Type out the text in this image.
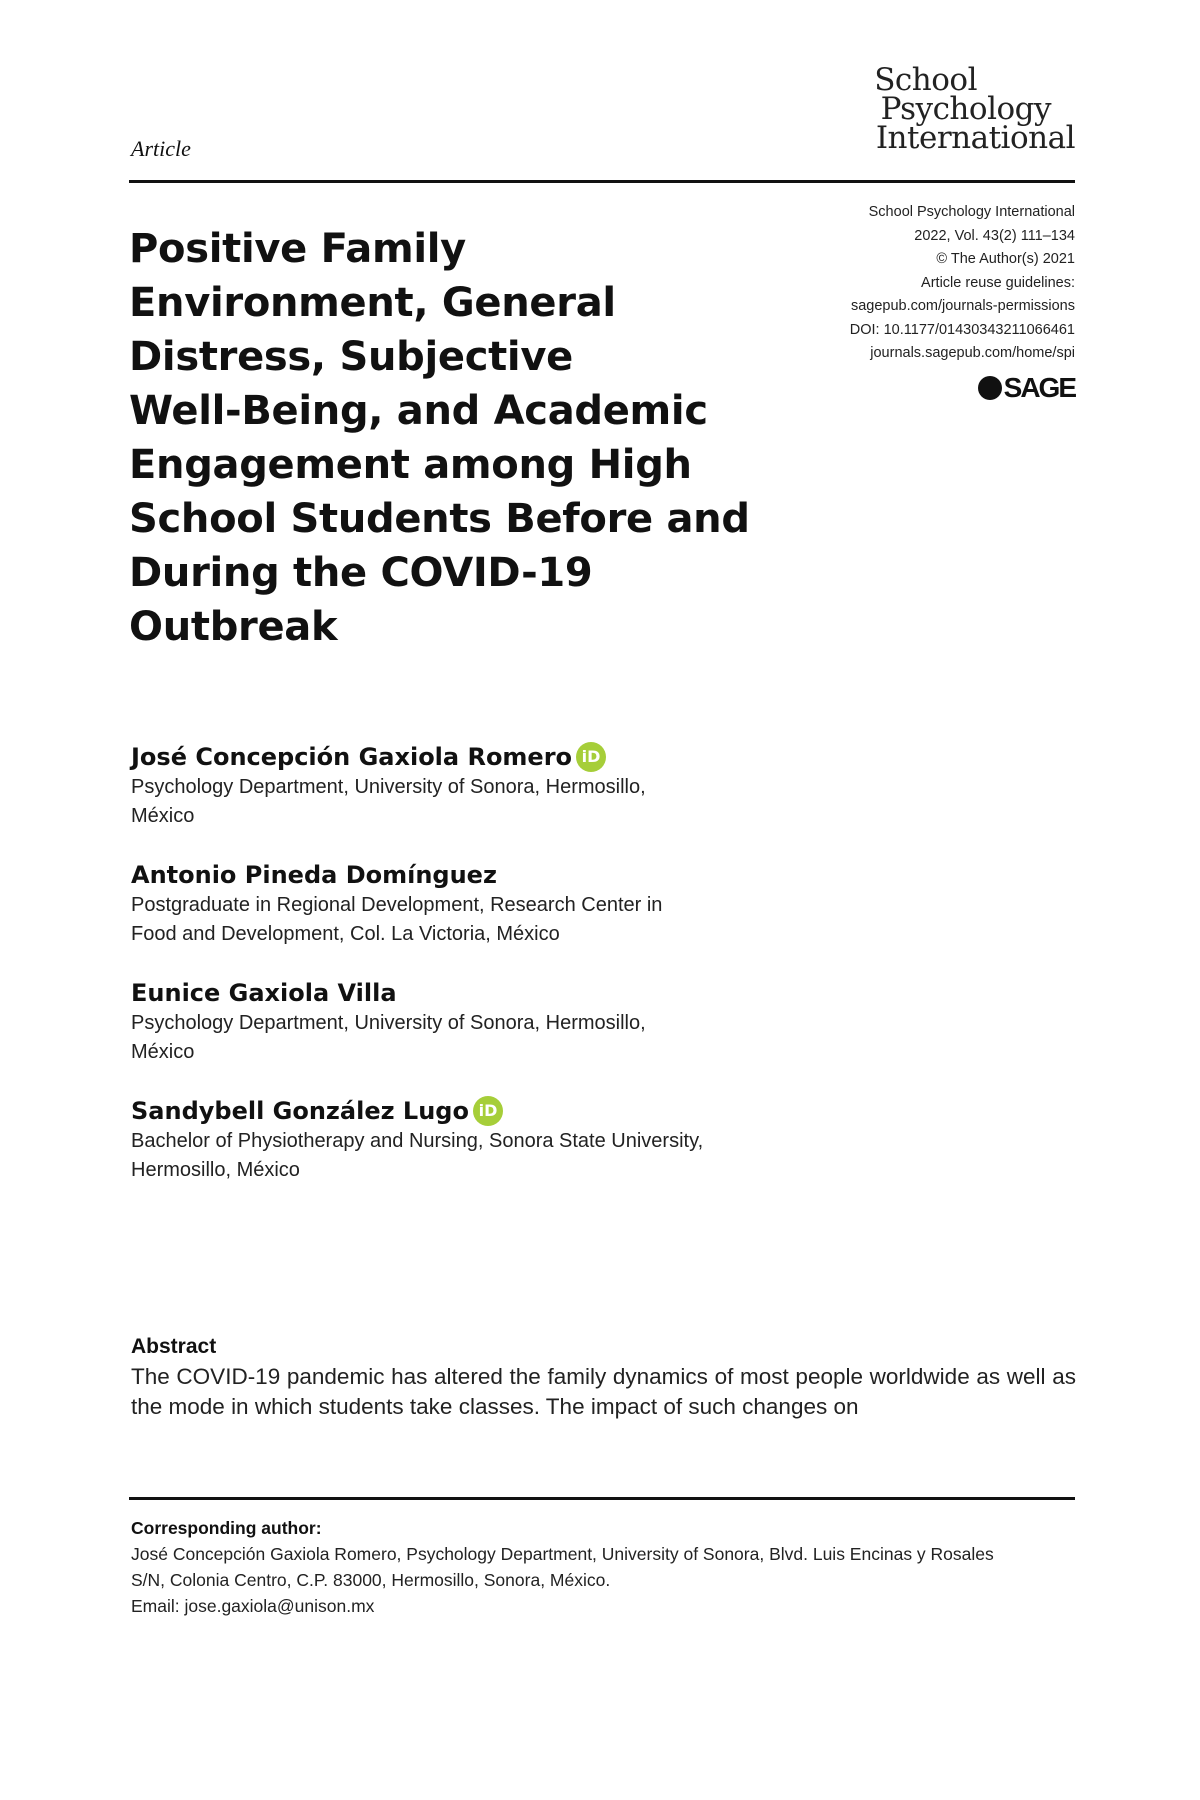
Article
School
Psychology
International
School Psychology International
2022, Vol. 43(2) 111–134
© The Author(s) 2021
Article reuse guidelines:
sagepub.com/journals-permissions
DOI: 10.1177/01430343211066461
journals.sagepub.com/home/spi
SAGE
Positive Family
Environment, General
Distress, Subjective
Well-Being, and Academic
Engagement among High
School Students Before and
During the COVID-19
Outbreak
José Concepción Gaxiola Romero iD
Psychology Department, University of Sonora, Hermosillo,
México
Antonio Pineda Domínguez
Postgraduate in Regional Development, Research Center in
Food and Development, Col. La Victoria, México
Eunice Gaxiola Villa
Psychology Department, University of Sonora, Hermosillo,
México
Sandybell González Lugo iD
Bachelor of Physiotherapy and Nursing, Sonora State University,
Hermosillo, México
Abstract
The COVID-19 pandemic has altered the family dynamics of most people worldwide as well as the mode in which students take classes. The impact of such changes on
Corresponding author:
José Concepción Gaxiola Romero, Psychology Department, University of Sonora, Blvd. Luis Encinas y Rosales
S/N, Colonia Centro, C.P. 83000, Hermosillo, Sonora, México.
Email: jose.gaxiola@unison.mx
